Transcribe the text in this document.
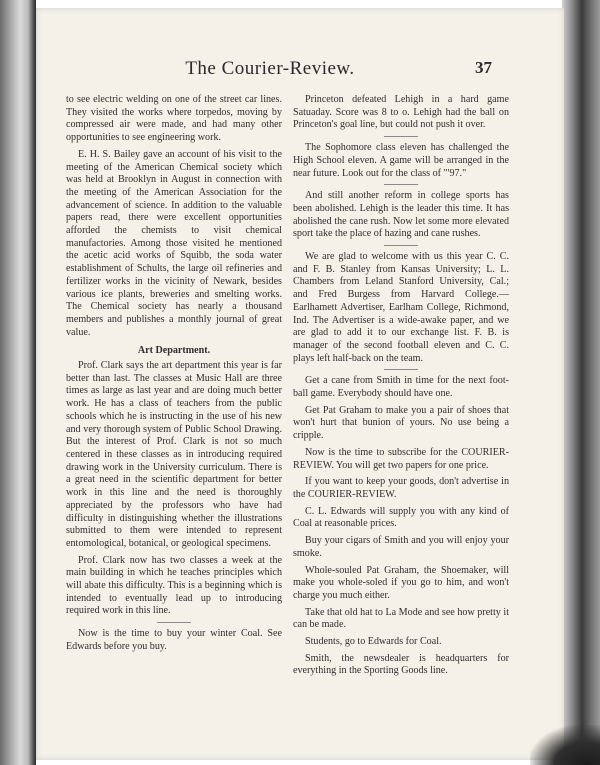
The Courier-Review.	37

to see electric welding on one of the street car lines. They visited the works where torpedos, moving by compressed air were made, and had many other opportunities to see engineering work.

E. H. S. Bailey gave an account of his visit to the meeting of the American Chemical society which was held at Brooklyn in August in connection with the meeting of the American Association for the advancement of science. In addition to the valuable papers read, there were excellent opportunities afforded the chemists to visit chemical manufactories. Among those visited he mentioned the acetic acid works of Squibb, the soda water establishment of Schults, the large oil refineries and fertilizer works in the vicinity of Newark, besides various ice plants, breweries and smelting works. The Chemical society has nearly a thousand members and publishes a monthly journal of great value.

Art Department.

Prof. Clark says the art department this year is far better than last. The classes at Music Hall are three times as large as last year and are doing much better work. He has a class of teachers from the public schools which he is instructing in the use of his new and very thorough system of Public School Drawing. But the interest of Prof. Clark is not so much centered in these classes as in introducing required drawing work in the University curriculum. There is a great need in the scientific department for better work in this line and the need is thoroughly appreciated by the professors who have had difficulty in distinguishing whether the illustrations submitted to them were intended to represent entomological, botanical, or geological specimens.

Prof. Clark now has two classes a week at the main building in which he teaches principles which will abate this difficulty. This is a beginning which is intended to eventually lead up to introducing required work in this line.

Now is the time to buy your winter Coal. See Edwards before you buy.

Princeton defeated Lehigh in a hard game Satuaday. Score was 8 to o. Lehigh had the ball on Princeton's goal line, but could not push it over.

The Sophomore class eleven has challenged the High School eleven. A game will be arranged in the near future. Look out for the class of "'97."

And still another reform in college sports has been abolished. Lehigh is the leader this time. It has abolished the cane rush. Now let some more elevated sport take the place of hazing and cane rushes.

We are glad to welcome with us this year C. C. and F. B. Stanley from Kansas University; L. L. Chambers from Leland Stanford University, Cal.; and Fred Burgess from Harvard College.—Earlhamett Advertiser, Earlham College, Richmond, Ind. The Advertiser is a wide-awake paper, and we are glad to add it to our exchange list. F. B. is manager of the second football eleven and C. C. plays left half-back on the team.

Get a cane from Smith in time for the next foot-ball game. Everybody should have one.

Get Pat Graham to make you a pair of shoes that won't hurt that bunion of yours. No use being a cripple.

Now is the time to subscribe for the COURIER-REVIEW. You will get two papers for one price.

If you want to keep your goods, don't advertise in the COURIER-REVIEW.

C. L. Edwards will supply you with any kind of Coal at reasonable prices.

Buy your cigars of Smith and you will enjoy your smoke.

Whole-souled Pat Graham, the Shoemaker, will make you whole-soled if you go to him, and won't charge you much either.

Take that old hat to La Mode and see how pretty it can be made.

Students, go to Edwards for Coal.

Smith, the newsdealer is headquarters for everything in the Sporting Goods line.
